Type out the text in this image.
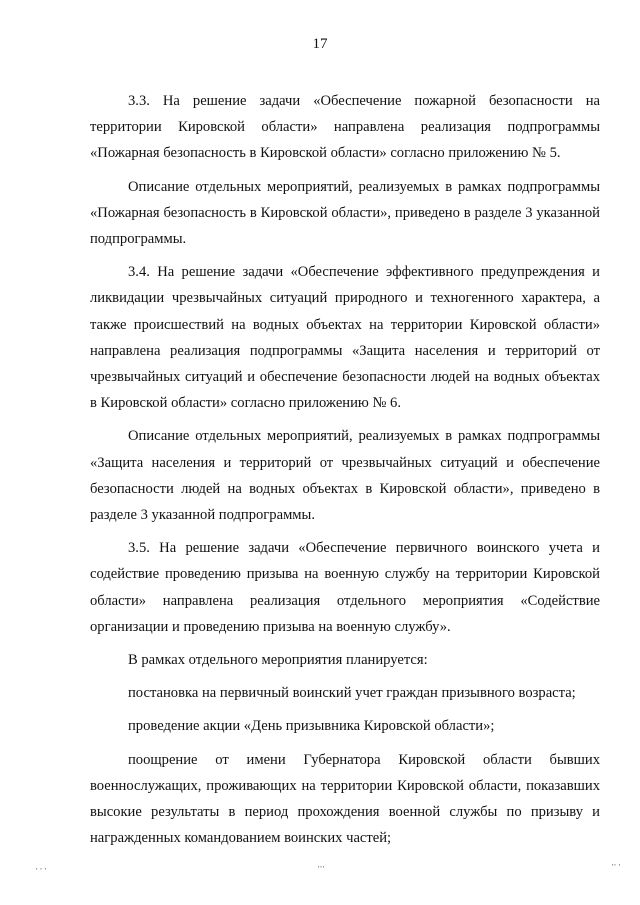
17

3.3. На решение задачи «Обеспечение пожарной безопасности на территории Кировской области» направлена реализация подпрограммы «Пожарная безопасность в Кировской области» согласно приложению № 5.

Описание отдельных мероприятий, реализуемых в рамках подпрограммы «Пожарная безопасность в Кировской области», приведено в разделе 3 указанной подпрограммы.

3.4. На решение задачи «Обеспечение эффективного предупреждения и ликвидации чрезвычайных ситуаций природного и техногенного характера, а также происшествий на водных объектах на территории Кировской области» направлена реализация подпрограммы «Защита населения и территорий от чрезвычайных ситуаций и обеспечение безопасности людей на водных объектах в Кировской области» согласно приложению № 6.

Описание отдельных мероприятий, реализуемых в рамках подпрограммы «Защита населения и территорий от чрезвычайных ситуаций и обеспечение безопасности людей на водных объектах в Кировской области», приведено в разделе 3 указанной подпрограммы.

3.5. На решение задачи «Обеспечение первичного воинского учета и содействие проведению призыва на военную службу на территории Кировской области» направлена реализация отдельного мероприятия «Содействие организации и проведению призыва на военную службу».

В рамках отдельного мероприятия планируется:

постановка на первичный воинский учет граждан призывного возраста;

проведение акции «День призывника Кировской области»;

поощрение от имени Губернатора Кировской области бывших военнослужащих, проживающих на территории Кировской области, показавших высокие результаты в период прохождения военной службы по призыву и награжденных командованием воинских частей;

▪ ▪ ▪	▪▪▪	▪▪ ▪
